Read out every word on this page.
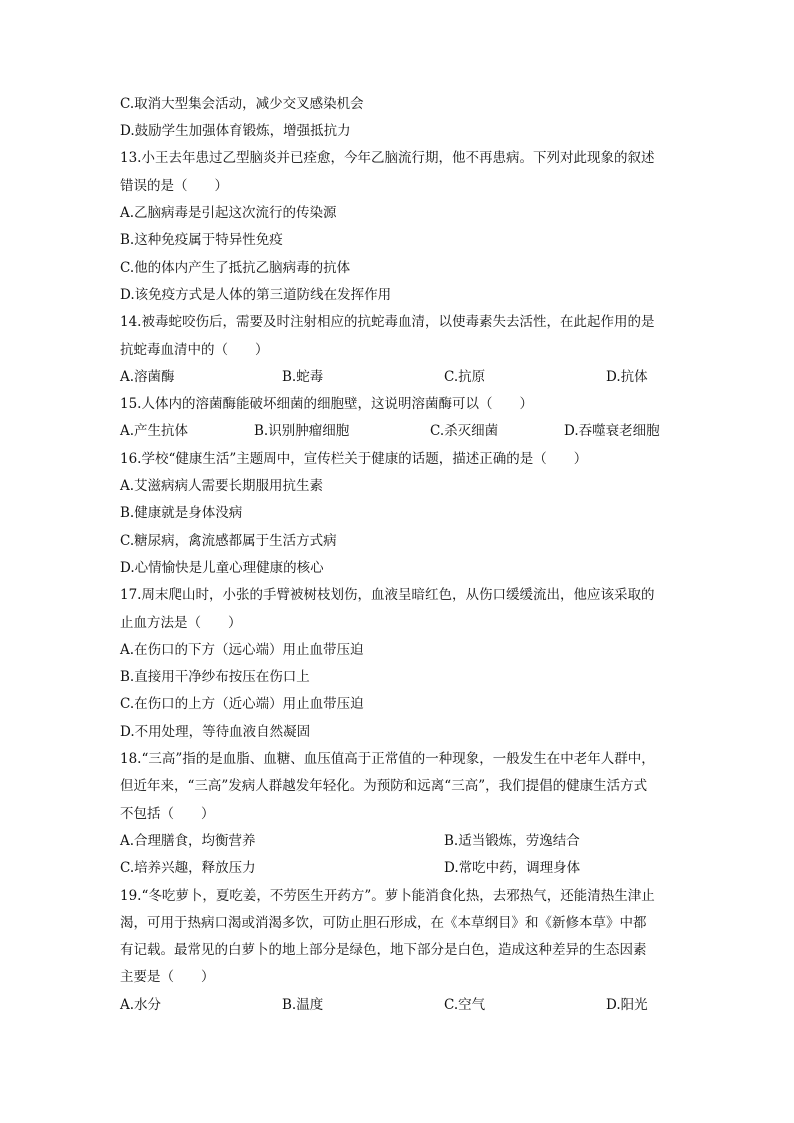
C.取消大型集会活动，减少交叉感染机会
D.鼓励学生加强体育锻炼，增强抵抗力
13.小王去年患过乙型脑炎并已痊愈，今年乙脑流行期，他不再患病。下列对此现象的叙述
错误的是（　　）
A.乙脑病毒是引起这次流行的传染源
B.这种免疫属于特异性免疫
C.他的体内产生了抵抗乙脑病毒的抗体
D.该免疫方式是人体的第三道防线在发挥作用
14.被毒蛇咬伤后，需要及时注射相应的抗蛇毒血清，以使毒素失去活性，在此起作用的是
抗蛇毒血清中的（　　）
A.溶菌酶	B.蛇毒	C.抗原	D.抗体
15.人体内的溶菌酶能破坏细菌的细胞壁，这说明溶菌酶可以（　　）
A.产生抗体	B.识别肿瘤细胞	C.杀灭细菌	D.吞噬衰老细胞
16.学校“健康生活”主题周中，宣传栏关于健康的话题，描述正确的是（　　）
A.艾滋病病人需要长期服用抗生素
B.健康就是身体没病
C.糖尿病，禽流感都属于生活方式病
D.心情愉快是儿童心理健康的核心
17.周末爬山时，小张的手臂被树枝划伤，血液呈暗红色，从伤口缓缓流出，他应该采取的
止血方法是（　　）
A.在伤口的下方（远心端）用止血带压迫
B.直接用干净纱布按压在伤口上
C.在伤口的上方（近心端）用止血带压迫
D.不用处理，等待血液自然凝固
18.“三高”指的是血脂、血糖、血压值高于正常值的一种现象，一般发生在中老年人群中，
但近年来，“三高”发病人群越发年轻化。为预防和远离“三高”，我们提倡的健康生活方式
不包括（　　）
A.合理膳食，均衡营养	B.适当锻炼，劳逸结合
C.培养兴趣，释放压力	D.常吃中药，调理身体
19.“冬吃萝卜，夏吃姜，不劳医生开药方”。萝卜能消食化热，去邪热气，还能清热生津止
渴，可用于热病口渴或消渴多饮，可防止胆石形成，在《本草纲目》和《新修本草》中都
有记载。最常见的白萝卜的地上部分是绿色，地下部分是白色，造成这种差异的生态因素
主要是（　　）
A.水分	B.温度	C.空气	D.阳光
